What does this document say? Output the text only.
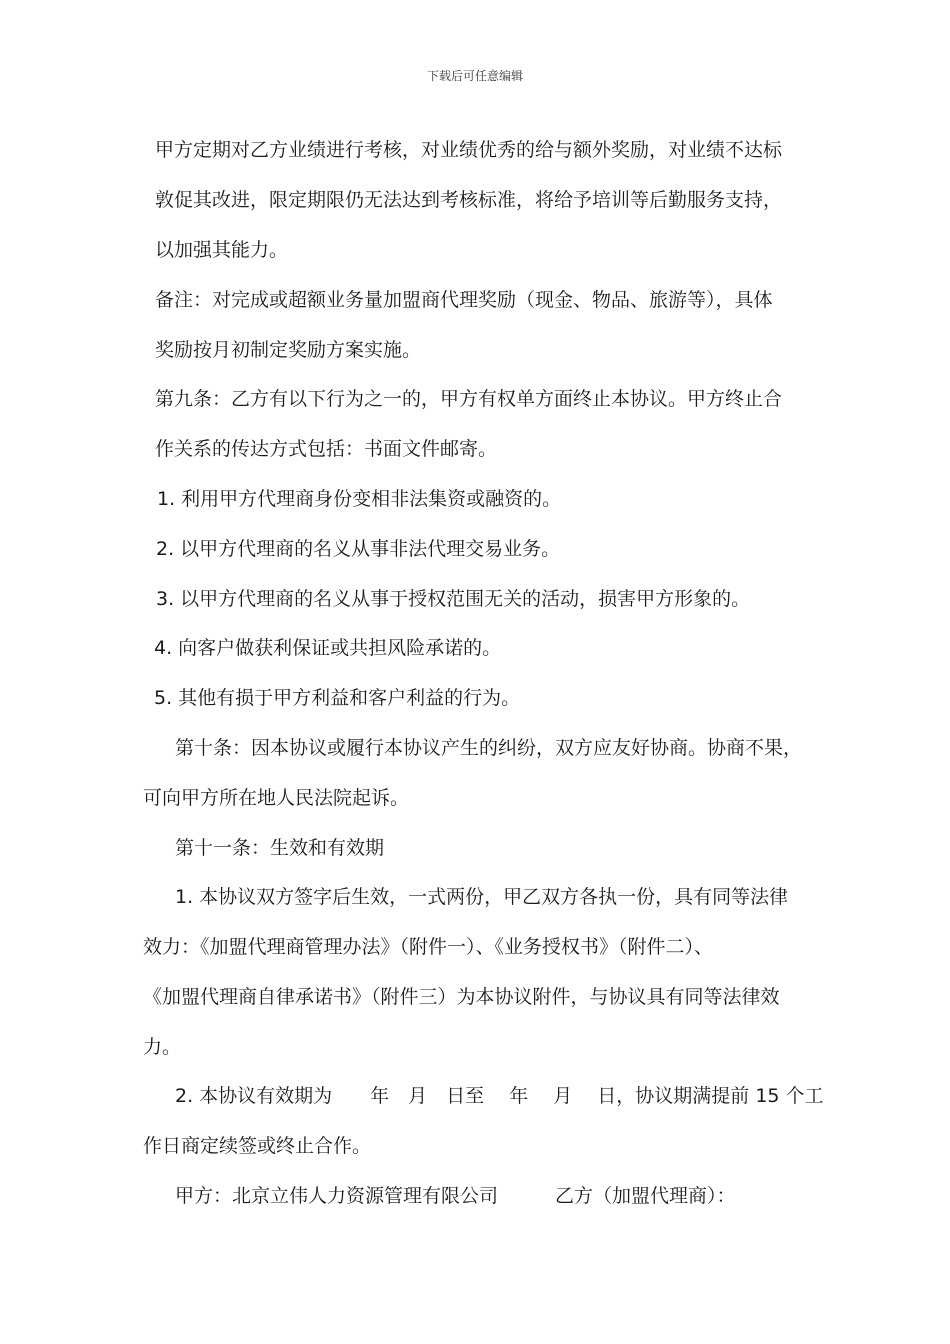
下载后可任意编辑
甲方定期对乙方业绩进行考核，对业绩优秀的给与额外奖励，对业绩不达标
敦促其改进，限定期限仍无法达到考核标准，将给予培训等后勤服务支持，
以加强其能力。
备注：对完成或超额业务量加盟商代理奖励（现金、物品、旅游等），具体
奖励按月初制定奖励方案实施。
第九条：乙方有以下行为之一的，甲方有权单方面终止本协议。甲方终止合
作关系的传达方式包括：书面文件邮寄。
1. 利用甲方代理商身份变相非法集资或融资的。
2. 以甲方代理商的名义从事非法代理交易业务。
3. 以甲方代理商的名义从事于授权范围无关的活动，损害甲方形象的。
4. 向客户做获利保证或共担风险承诺的。
5. 其他有损于甲方利益和客户利益的行为。
第十条：因本协议或履行本协议产生的纠纷，双方应友好协商。协商不果，
可向甲方所在地人民法院起诉。
第十一条：生效和有效期
1. 本协议双方签字后生效，一式两份，甲乙双方各执一份，具有同等法律
效力：《加盟代理商管理办法》（附件一）、《业务授权书》（附件二）、
《加盟代理商自律承诺书》（附件三）为本协议附件，与协议具有同等法律效
力。
2. 本协议有效期为　　年　月　日至　 年　 月　 日，协议期满提前 15 个工
作日商定续签或终止合作。
甲方：北京立伟人力资源管理有限公司　　　乙方（加盟代理商）：
